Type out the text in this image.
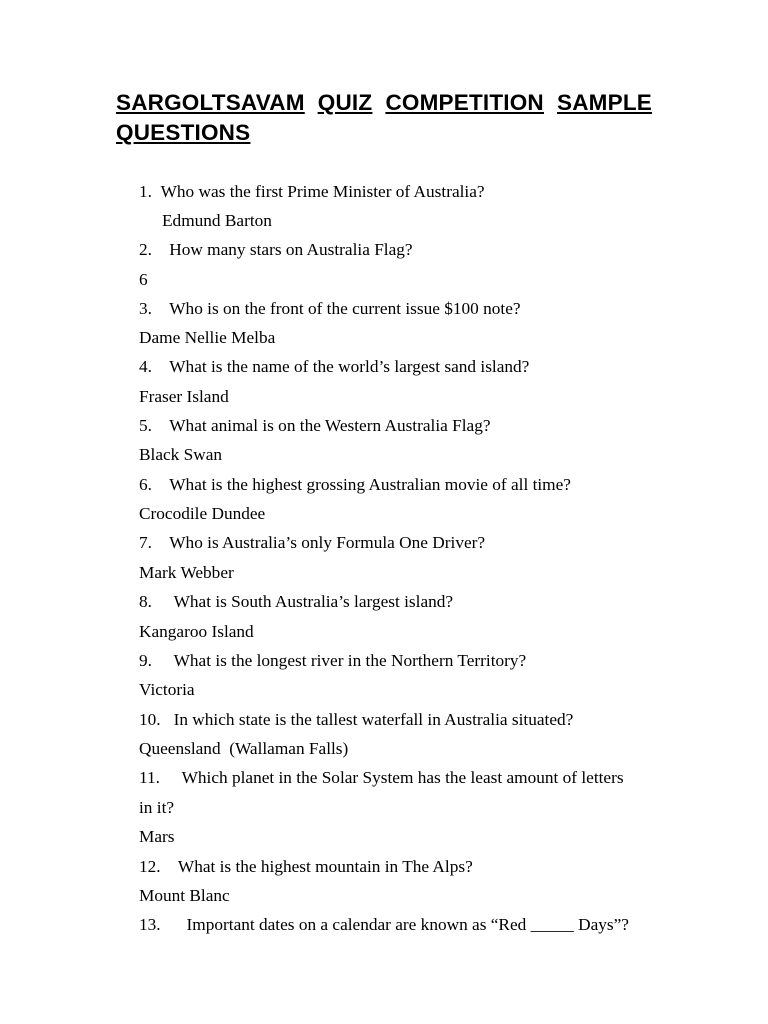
SARGOLTSAVAM QUIZ COMPETITION SAMPLE
QUESTIONS

1. Who was the first Prime Minister of Australia?

Edmund Barton

2. How many stars on Australia Flag?

6

3. Who is on the front of the current issue $100 note?

Dame Nellie Melba

4. What is the name of the world’s largest sand island?

Fraser Island

5. What animal is on the Western Australia Flag?

Black Swan

6. What is the highest grossing Australian movie of all time?

Crocodile Dundee

7. Who is Australia’s only Formula One Driver?

Mark Webber

8. What is South Australia’s largest island?

Kangaroo Island

9. What is the longest river in the Northern Territory?

Victoria

10. In which state is the tallest waterfall in Australia situated?

Queensland  (Wallaman Falls)

11. Which planet in the Solar System has the least amount of letters

in it?

Mars

12. What is the highest mountain in The Alps?

Mount Blanc

13. Important dates on a calendar are known as “Red _____ Days”?
